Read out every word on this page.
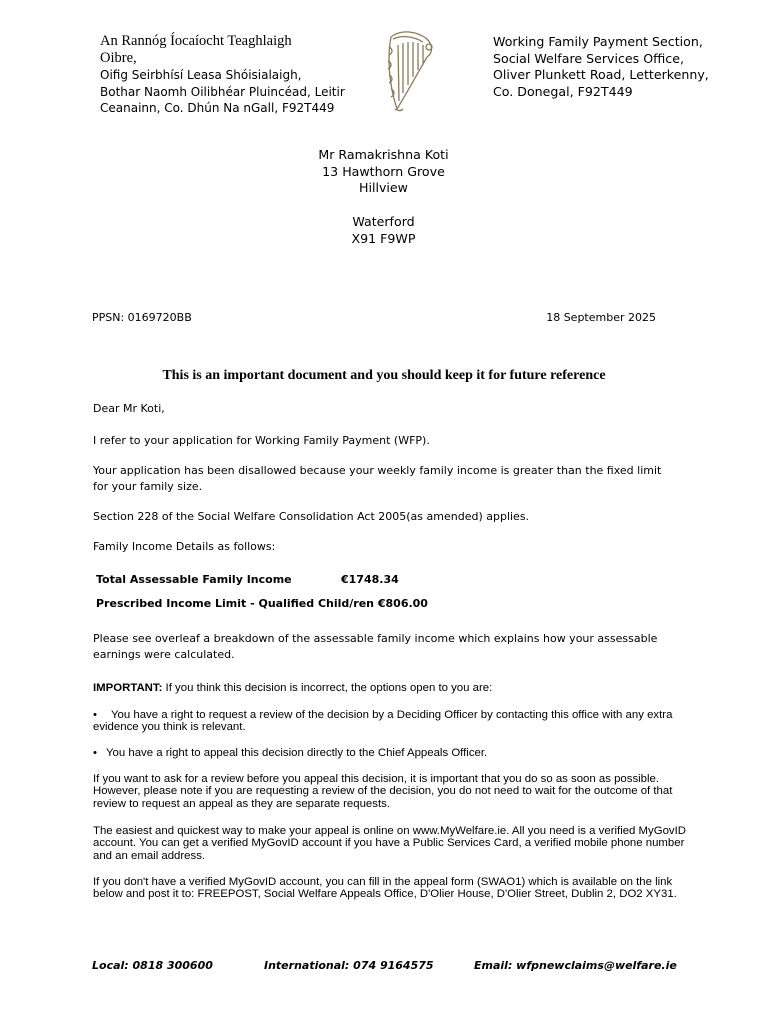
An Rannóg Íocaíocht Teaghlaigh
Oibre,
Oifig Seirbhísí Leasa Shóisialaigh,
Bothar Naomh Oilibhéar Pluincéad, Leitir
Ceanainn, Co. Dhún Na nGall, F92T449
Working Family Payment Section,
Social Welfare Services Office,
Oliver Plunkett Road, Letterkenny,
Co. Donegal, F92T449
Mr Ramakrishna Koti
13 Hawthorn Grove
Hillview
Waterford
X91 F9WP
PPSN: 0169720BB	18 September 2025
This is an important document and you should keep it for future reference
Dear Mr Koti,
I refer to your application for Working Family Payment (WFP).
Your application has been disallowed because your weekly family income is greater than the fixed limit for your family size.
Section 228 of the Social Welfare Consolidation Act 2005(as amended) applies.
Family Income Details as follows:
Total Assessable Family Income	€1748.34
Prescribed Income Limit - Qualified Child/ren €806.00
Please see overleaf a breakdown of the assessable family income which explains how your assessable earnings were calculated.
IMPORTANT: If you think this decision is incorrect, the options open to you are:
• You have a right to request a review of the decision by a Deciding Officer by contacting this office with any extra evidence you think is relevant.
• You have a right to appeal this decision directly to the Chief Appeals Officer.
If you want to ask for a review before you appeal this decision, it is important that you do so as soon as possible. However, please note if you are requesting a review of the decision, you do not need to wait for the outcome of that review to request an appeal as they are separate requests.
The easiest and quickest way to make your appeal is online on www.MyWelfare.ie. All you need is a verified MyGovID account. You can get a verified MyGovID account if you have a Public Services Card, a verified mobile phone number and an email address.
If you don't have a verified MyGovID account, you can fill in the appeal form (SWAO1) which is available on the link below and post it to: FREEPOST, Social Welfare Appeals Office, D'Olier House, D'Olier Street, Dublin 2, DO2 XY31.
Local: 0818 300600	International: 074 9164575	Email: wfpnewclaims@welfare.ie
